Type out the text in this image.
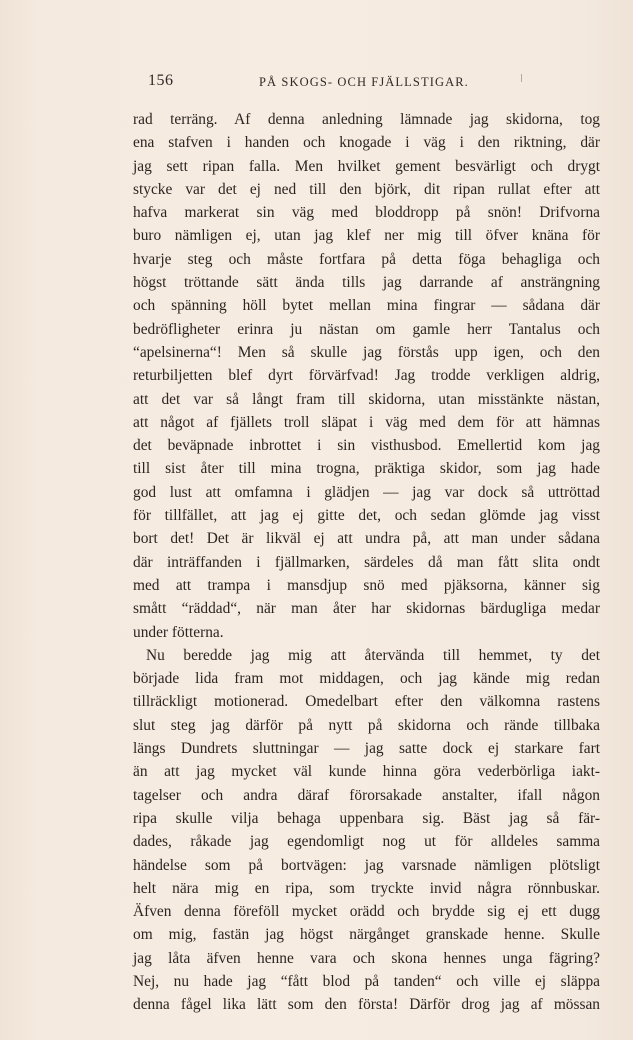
156	PÅ SKOGS- OCH FJÄLLSTIGAR.
rad terräng. Af denna anledning lämnade jag skidorna, tog
ena stafven i handen och knogade i väg i den riktning, där
jag sett ripan falla. Men hvilket gement besvärligt och drygt
stycke var det ej ned till den björk, dit ripan rullat efter att
hafva markerat sin väg med bloddropp på snön! Drifvorna
buro nämligen ej, utan jag klef ner mig till öfver knäna för
hvarje steg och måste fortfara på detta föga behagliga och
högst tröttande sätt ända tills jag darrande af ansträngning
och spänning höll bytet mellan mina fingrar — sådana där
bedröfligheter erinra ju nästan om gamle herr Tantalus och
“apelsinerna“! Men så skulle jag förstås upp igen, och den
returbiljetten blef dyrt förvärfvad! Jag trodde verkligen aldrig,
att det var så långt fram till skidorna, utan misstänkte nästan,
att något af fjällets troll släpat i väg med dem för att hämnas
det beväpnade inbrottet i sin visthusbod. Emellertid kom jag
till sist åter till mina trogna, präktiga skidor, som jag hade
god lust att omfamna i glädjen — jag var dock så uttröttad
för tillfället, att jag ej gitte det, och sedan glömde jag visst
bort det! Det är likväl ej att undra på, att man under sådana
där inträffanden i fjällmarken, särdeles då man fått slita ondt
med att trampa i mansdjup snö med pjäksorna, känner sig
smått “räddad“, när man åter har skidornas bärdugliga medar
under fötterna.
Nu beredde jag mig att återvända till hemmet, ty det
började lida fram mot middagen, och jag kände mig redan
tillräckligt motionerad. Omedelbart efter den välkomna rastens
slut steg jag därför på nytt på skidorna och rände tillbaka
längs Dundrets sluttningar — jag satte dock ej starkare fart
än att jag mycket väl kunde hinna göra vederbörliga iakt-
tagelser och andra däraf förorsakade anstalter, ifall någon
ripa skulle vilja behaga uppenbara sig. Bäst jag så fär-
dades, råkade jag egendomligt nog ut för alldeles samma
händelse som på bortvägen: jag varsnade nämligen plötsligt
helt nära mig en ripa, som tryckte invid några rönnbuskar.
Äfven denna föreföll mycket orädd och brydde sig ej ett dugg
om mig, fastän jag högst närgånget granskade henne. Skulle
jag låta äfven henne vara och skona hennes unga fägring?
Nej, nu hade jag “fått blod på tanden“ och ville ej släppa
denna fågel lika lätt som den första! Därför drog jag af mössan
